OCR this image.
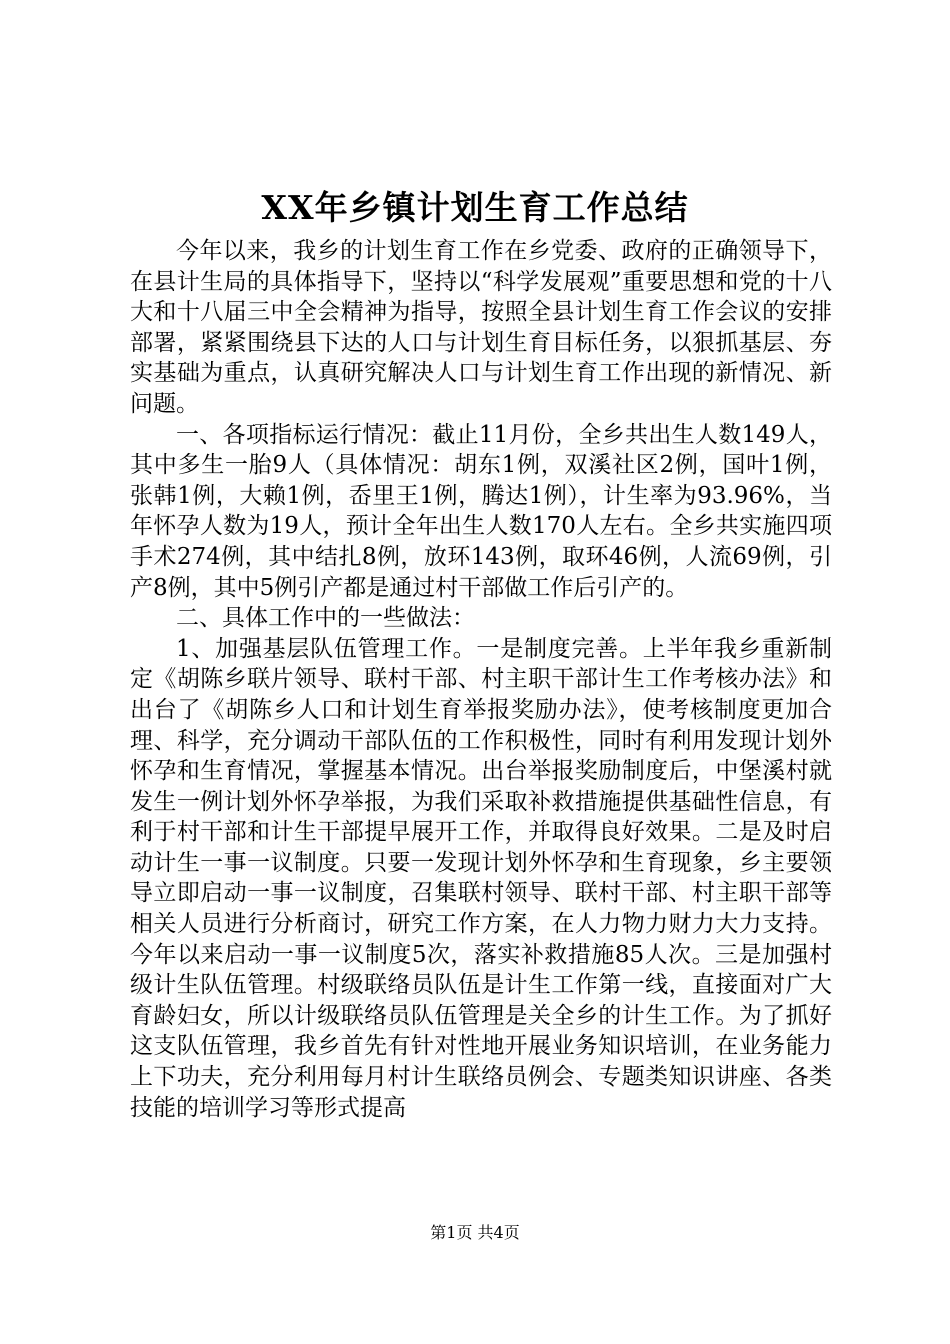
XX年乡镇计划生育工作总结

今年以来，我乡的计划生育工作在乡党委、政府的正确领导下，在县计生局的具体指导下，坚持以“科学发展观”重要思想和党的十八大和十八届三中全会精神为指导，按照全县计划生育工作会议的安排部署，紧紧围绕县下达的人口与计划生育目标任务，以狠抓基层、夯实基础为重点，认真研究解决人口与计划生育工作出现的新情况、新问题。

一、各项指标运行情况：截止11月份，全乡共出生人数149人，其中多生一胎9人（具体情况：胡东1例，双溪社区2例，国叶1例，张韩1例，大赖1例，岙里王1例，腾达1例），计生率为93.96%，当年怀孕人数为19人，预计全年出生人数170人左右。全乡共实施四项手术274例，其中结扎8例，放环143例，取环46例，人流69例，引产8例，其中5例引产都是通过村干部做工作后引产的。

二、具体工作中的一些做法：

1、加强基层队伍管理工作。一是制度完善。上半年我乡重新制定《胡陈乡联片领导、联村干部、村主职干部计生工作考核办法》和出台了《胡陈乡人口和计划生育举报奖励办法》，使考核制度更加合理、科学，充分调动干部队伍的工作积极性，同时有利用发现计划外怀孕和生育情况，掌握基本情况。出台举报奖励制度后，中堡溪村就发生一例计划外怀孕举报，为我们采取补救措施提供基础性信息，有利于村干部和计生干部提早展开工作，并取得良好效果。二是及时启动计生一事一议制度。只要一发现计划外怀孕和生育现象，乡主要领导立即启动一事一议制度，召集联村领导、联村干部、村主职干部等相关人员进行分析商讨，研究工作方案，在人力物力财力大力支持。今年以来启动一事一议制度5次，落实补救措施85人次。三是加强村级计生队伍管理。村级联络员队伍是计生工作第一线，直接面对广大育龄妇女，所以计级联络员队伍管理是关全乡的计生工作。为了抓好这支队伍管理，我乡首先有针对性地开展业务知识培训，在业务能力上下功夫，充分利用每月村计生联络员例会、专题类知识讲座、各类技能的培训学习等形式提高

第1页 共4页
